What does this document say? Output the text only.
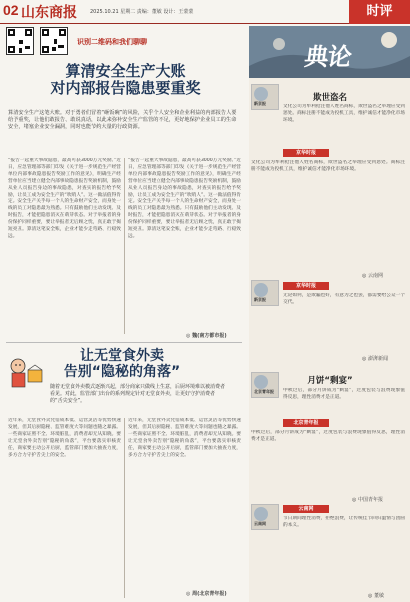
02 山东商报	2025.10.21 星期二 责编：董敏 设计：王蒙蒙	时评
识别二维码和我们聊聊
算清安全生产大账
对内部报告隐患要重奖
算清安全生产这笔大账。对于勇者们冒着“砸饭碗”的风险，关乎个人安全和企业利益的内部报告人要给予重奖，让他们敢报告、敢说真话，以此来弥补安全生产监管的不足，更好地保护企业员工的生命安全，堵塞企业安全漏洞，同时也能节约大量的行政资源。
“报告一起重大事故隐患，最高可获3000万元奖励。”近日，应急管理部等部门印发《关于进一步规范生产经营单位内部事故隐患报告奖励工作的意见》，明确生产经营单位应当建立健全内部事故隐患报告奖励机制，鼓励从业人员报告身边的事故隐患，对查实的报告给予奖励，让员工成为安全生产的“吹哨人”。这一做法值得肯定。安全生产关乎每一个人的生命财产安全，而身处一线的员工对隐患最为熟悉。只有鼓励他们主动发现、及时报告，才能把隐患消灭在萌芽状态。对于举报者的身份保护同样重要，要让举报者无后顾之忧，真正敢于揭短亮丑。算清这笔安全账，企业才能少走弯路、行稳致远。
“报告一起重大事故隐患，最高可获3000万元奖励。”近日，应急管理部等部门印发《关于进一步规范生产经营单位内部事故隐患报告奖励工作的意见》，明确生产经营单位应当建立健全内部事故隐患报告奖励机制，鼓励从业人员报告身边的事故隐患，对查实的报告给予奖励，让员工成为安全生产的“吹哨人”。这一做法值得肯定。安全生产关乎每一个人的生命财产安全，而身处一线的员工对隐患最为熟悉。只有鼓励他们主动发现、及时报告，才能把隐患消灭在萌芽状态。对于举报者的身份保护同样重要，要让举报者无后顾之忧，真正敢于揭短亮丑。算清这笔安全账，企业才能少走弯路、行稳致远。
◎ 魏(南方都市报)
让无堂食外卖
告别“隐秘的角落”
随着无堂食外卖模式逐渐兴起，部分商家只做线上生意，后厨环境难以被消费者看见。对此，监管部门出台的系列规定针对无堂食外卖，让更好守护消费者的“舌尖安全”。
近年来，无堂食外卖凭借成本低、运营灵活等优势快速发展，但其后厨隐秘、监管难度大等问题也随之暴露。一些商家证照不全、环境脏乱，消费者却无从知晓。要让无堂食外卖告别“隐秘的角落”，平台要落实审核责任，商家要主动公开后厨，监管部门要加大抽查力度，多方合力守护舌尖上的安全。
近年来，无堂食外卖凭借成本低、运营灵活等优势快速发展，但其后厨隐秘、监管难度大等问题也随之暴露。一些商家证照不全、环境脏乱，消费者却无从知晓。要让无堂食外卖告别“隐秘的角落”，平台要落实审核责任，商家要主动公开后厨，监管部门要加大抽查力度，多方合力守护舌尖上的安全。
◎ 周(北京青年报)
典论
新京报
欺世盗名
文化公司为牟利抢注他人姓名商标，欺世盗名之举理应受到惩处。商标注册不能成为投机工具，维护诚信才能净化市场环境。
京华时报
文化公司为牟利抢注他人姓名商标，欺世盗名之举理应受到惩处。商标注册不能成为投机工具，维护诚信才能净化市场环境。
◎ 云南网
新京报
京华时报
无论如何，是欺骗也好，有意为之也罢，都需要给公众一个交代。
◎ 澎湃新闻
北京青年报
月饼“剩宴”
中秋过后，部分月饼成为“剩宴”，过度包装与浪费现象值得反思，理性消费才是正道。
北京青年报
中秋过后，部分月饼成为“剩宴”，过度包装与浪费现象值得反思，理性消费才是正道。
◎ 中国青年报
云南网
云南网
节日期间理性消费，拒绝浪费，让传统佳节回归温情与团圆的本义。
◎ 董敏
